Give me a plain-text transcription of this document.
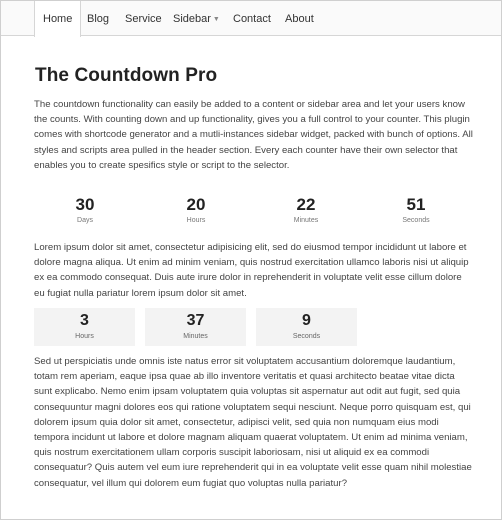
Home	Blog Service Sidebar ▼ Contact About
The Countdown Pro

The countdown functionality can easily be added to a content or sidebar area and let your users know the counts. With counting down and up functionality, gives you a full control to your counter. This plugin comes with shortcode generator and a mutli-instances sidebar widget, packed with bunch of options. All styles and scripts area pulled in the header section. Every each counter have their own selector that enables you to create spesifics style or script to the selector.

30
Days
20
Hours
22
Minutes
51
Seconds

Lorem ipsum dolor sit amet, consectetur adipisicing elit, sed do eiusmod tempor incididunt ut labore et dolore magna aliqua. Ut enim ad minim veniam, quis nostrud exercitation ullamco laboris nisi ut aliquip ex ea commodo consequat. Duis aute irure dolor in reprehenderit in voluptate velit esse cillum dolore eu fugiat nulla pariatur lorem ipsum dolor sit amet.

3
Hours
37
Minutes
9
Seconds

Sed ut perspiciatis unde omnis iste natus error sit voluptatem accusantium doloremque laudantium, totam rem aperiam, eaque ipsa quae ab illo inventore veritatis et quasi architecto beatae vitae dicta sunt explicabo. Nemo enim ipsam voluptatem quia voluptas sit aspernatur aut odit aut fugit, sed quia consequuntur magni dolores eos qui ratione voluptatem sequi nesciunt. Neque porro quisquam est, qui dolorem ipsum quia dolor sit amet, consectetur, adipisci velit, sed quia non numquam eius modi tempora incidunt ut labore et dolore magnam aliquam quaerat voluptatem. Ut enim ad minima veniam, quis nostrum exercitationem ullam corporis suscipit laboriosam, nisi ut aliquid ex ea commodi consequatur? Quis autem vel eum iure reprehenderit qui in ea voluptate velit esse quam nihil molestiae consequatur, vel illum qui dolorem eum fugiat quo voluptas nulla pariatur?
